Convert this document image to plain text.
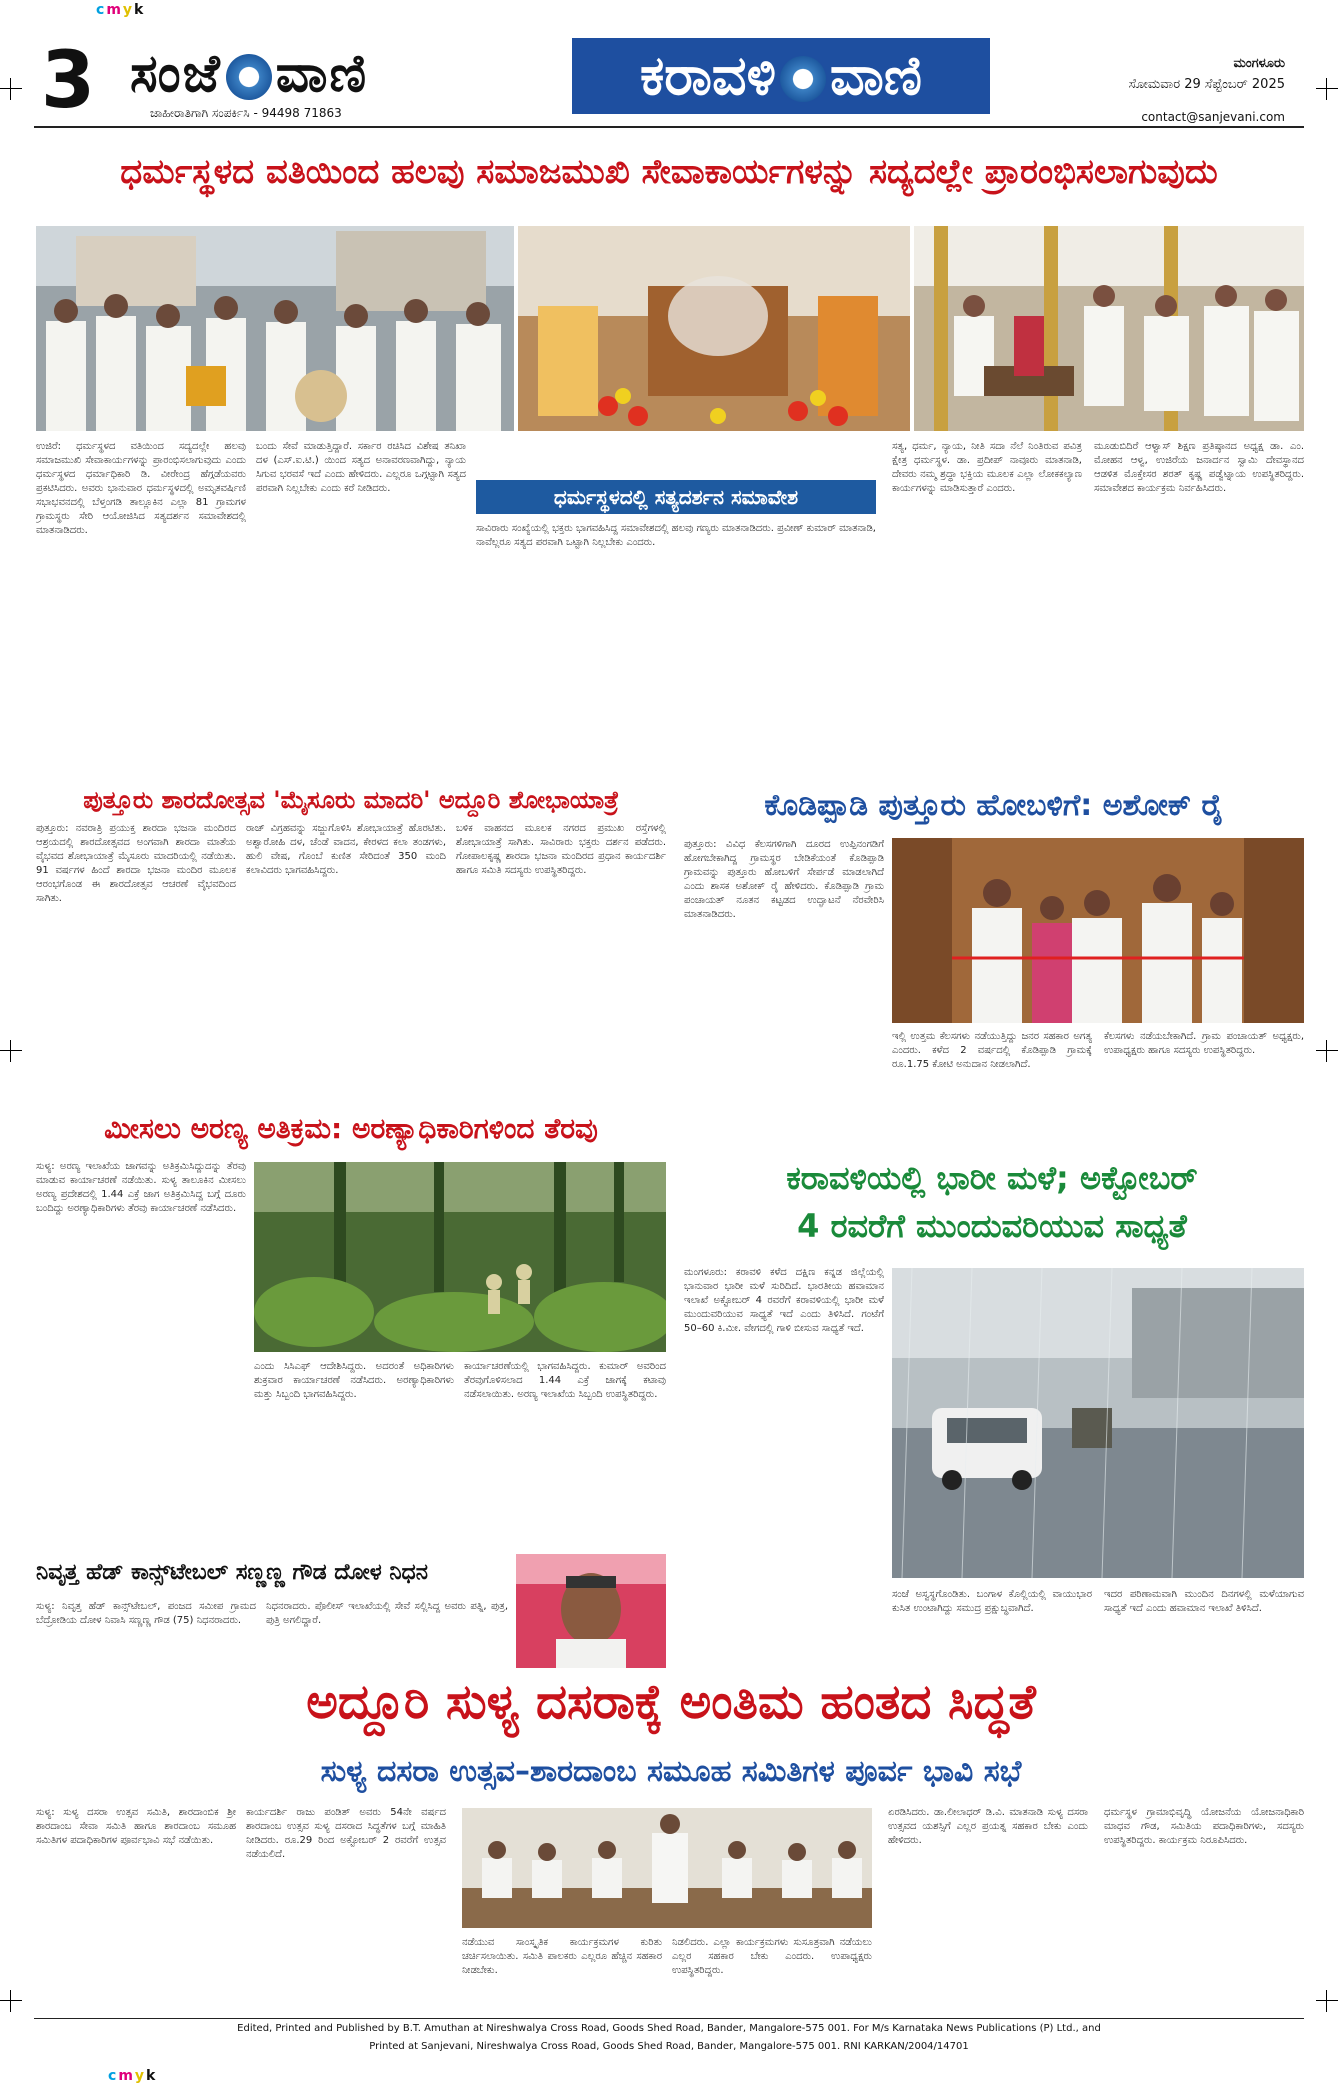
cmyk
cmyk
3 ಸಂಜೆ ವಾಣಿ
ಜಾಹೀರಾತಿಗಾಗಿ ಸಂಪರ್ಕಿಸಿ - 94498 71863
ಕರಾವಳಿ ವಾಣಿ	ಮಂಗಳೂರು
ಸೋಮವಾರ 29 ಸೆಪ್ಟೆಂಬರ್ 2025
contact@sanjevani.com
ಧರ್ಮಸ್ಥಳದ ವತಿಯಿಂದ ಹಲವು ಸಮಾಜಮುಖಿ ಸೇವಾಕಾರ್ಯಗಳನ್ನು ಸದ್ಯದಲ್ಲೇ ಪ್ರಾರಂಭಿಸಲಾಗುವುದು
ಉಜಿರೆ: ಧರ್ಮಸ್ಥಳದ ವತಿಯಿಂದ ಸದ್ಯದಲ್ಲೇ ಹಲವು ಸಮಾಜಮುಖಿ ಸೇವಾಕಾರ್ಯಗಳನ್ನು ಪ್ರಾರಂಭಿಸಲಾಗುವುದು ಎಂದು ಧರ್ಮಸ್ಥಳದ ಧರ್ಮಾಧಿಕಾರಿ ಡಿ. ವೀರೇಂದ್ರ ಹೆಗ್ಗಡೆಯವರು ಪ್ರಕಟಿಸಿದರು. ಅವರು ಭಾನುವಾರ ಧರ್ಮಸ್ಥಳದಲ್ಲಿ ಅಮೃತವರ್ಷಿಣಿ ಸಭಾಭವನದಲ್ಲಿ ಬೆಳ್ತಂಗಡಿ ತಾಲ್ಲೂಕಿನ ಎಲ್ಲಾ 81 ಗ್ರಾಮಗಳ ಗ್ರಾಮಸ್ಥರು ಸೇರಿ ಆಯೋಜಿಸಿದ ಸತ್ಯದರ್ಶನ ಸಮಾವೇಶದಲ್ಲಿ ಮಾತನಾಡಿದರು.
ಬಂದು ಸೇವೆ ಮಾಡುತ್ತಿದ್ದಾರೆ. ಸರ್ಕಾರ ರಚಿಸಿದ ವಿಶೇಷ ತನಿಖಾ ದಳ (ಎಸ್.ಐ.ಟಿ.) ಯಿಂದ ಸತ್ಯದ ಅನಾವರಣವಾಗಿದ್ದು, ನ್ಯಾಯ ಸಿಗುವ ಭರವಸೆ ಇದೆ ಎಂದು ಹೇಳಿದರು. ಎಲ್ಲರೂ ಒಗ್ಗಟ್ಟಾಗಿ ಸತ್ಯದ ಪರವಾಗಿ ನಿಲ್ಲಬೇಕು ಎಂದು ಕರೆ ನೀಡಿದರು.	ಧರ್ಮಸ್ಥಳದಲ್ಲಿ ಸತ್ಯದರ್ಶನ ಸಮಾವೇಶ
ಸಾವಿರಾರು ಸಂಖ್ಯೆಯಲ್ಲಿ ಭಕ್ತರು ಭಾಗವಹಿಸಿದ್ದ ಸಮಾವೇಶದಲ್ಲಿ ಹಲವು ಗಣ್ಯರು ಮಾತನಾಡಿದರು. ಪ್ರವೀಣ್ ಕುಮಾರ್ ಮಾತನಾಡಿ, ನಾವೆಲ್ಲರೂ ಸತ್ಯದ ಪರವಾಗಿ ಒಟ್ಟಾಗಿ ನಿಲ್ಲಬೇಕು ಎಂದರು.
ಸತ್ಯ, ಧರ್ಮ, ನ್ಯಾಯ, ನೀತಿ ಸದಾ ನೆಲೆ ನಿಂತಿರುವ ಪವಿತ್ರ ಕ್ಷೇತ್ರ ಧರ್ಮಸ್ಥಳ. ಡಾ. ಪ್ರದೀಪ್ ನಾವೂರು ಮಾತನಾಡಿ, ದೇವರು ನಮ್ಮ ಶ್ರದ್ಧಾ ಭಕ್ತಿಯ ಮೂಲಕ ಎಲ್ಲಾ ಲೋಕಕಲ್ಯಾಣ ಕಾರ್ಯಗಳನ್ನು ಮಾಡಿಸುತ್ತಾರೆ ಎಂದರು.
ಮೂಡುಬಿದಿರೆ ಆಳ್ವಾಸ್ ಶಿಕ್ಷಣ ಪ್ರತಿಷ್ಠಾನದ ಅಧ್ಯಕ್ಷ ಡಾ. ಎಂ. ಮೋಹನ ಆಳ್ವ, ಉಜಿರೆಯ ಜನಾರ್ದನ ಸ್ವಾಮಿ ದೇವಸ್ಥಾನದ ಆಡಳಿತ ಮೊಕ್ತೇಸರ ಶರತ್ ಕೃಷ್ಣ ಪಡ್ವೆಟ್ನಾಯ ಉಪಸ್ಥಿತರಿದ್ದರು. ಸಮಾವೇಶದ ಕಾರ್ಯಕ್ರಮ ನಿರ್ವಹಿಸಿದರು.
ಪುತ್ತೂರು ಶಾರದೋತ್ಸವ 'ಮೈಸೂರು ಮಾದರಿ' ಅದ್ದೂರಿ ಶೋಭಾಯಾತ್ರೆ
ಪುತ್ತೂರು: ನವರಾತ್ರಿ ಪ್ರಯುಕ್ತ ಶಾರದಾ ಭಜನಾ ಮಂದಿರದ ಆಶ್ರಯದಲ್ಲಿ ಶಾರದೋತ್ಸವದ ಅಂಗವಾಗಿ ಶಾರದಾ ಮಾತೆಯ ವೈಭವದ ಶೋಭಾಯಾತ್ರೆ ಮೈಸೂರು ಮಾದರಿಯಲ್ಲಿ ನಡೆಯಿತು. 91 ವರ್ಷಗಳ ಹಿಂದೆ ಶಾರದಾ ಭಜನಾ ಮಂದಿರ ಮೂಲಕ ಆರಂಭಗೊಂಡ ಈ ಶಾರದೋತ್ಸವ ಆಚರಣೆ ವೈಭವದಿಂದ ಸಾಗಿತು.
ರಾಜ್ ವಿಗ್ರಹವನ್ನು ಸಜ್ಜುಗೊಳಿಸಿ ಶೋಭಾಯಾತ್ರೆ ಹೊರಟಿತು. ಅಶ್ವಾರೋಹಿ ದಳ, ಚೆಂಡೆ ವಾದನ, ಕೇರಳದ ಕಲಾ ತಂಡಗಳು, ಹುಲಿ ವೇಷ, ಗೊಂಬೆ ಕುಣಿತ ಸೇರಿದಂತೆ 350 ಮಂದಿ ಕಲಾವಿದರು ಭಾಗವಹಿಸಿದ್ದರು.
ಬಳಿಕ ವಾಹನದ ಮೂಲಕ ನಗರದ ಪ್ರಮುಖ ರಸ್ತೆಗಳಲ್ಲಿ ಶೋಭಾಯಾತ್ರೆ ಸಾಗಿತು. ಸಾವಿರಾರು ಭಕ್ತರು ದರ್ಶನ ಪಡೆದರು. ಗೋಪಾಲಕೃಷ್ಣ ಶಾರದಾ ಭಜನಾ ಮಂದಿರದ ಪ್ರಧಾನ ಕಾರ್ಯದರ್ಶಿ ಹಾಗೂ ಸಮಿತಿ ಸದಸ್ಯರು ಉಪಸ್ಥಿತರಿದ್ದರು.
ಕೊಡಿಪ್ಪಾಡಿ ಪುತ್ತೂರು ಹೋಬಳಿಗೆ: ಅಶೋಕ್ ರೈ
ಪುತ್ತೂರು: ವಿವಿಧ ಕೆಲಸಗಳಿಗಾಗಿ ದೂರದ ಉಪ್ಪಿನಂಗಡಿಗೆ ಹೋಗಬೇಕಾಗಿದ್ದ ಗ್ರಾಮಸ್ಥರ ಬೇಡಿಕೆಯಂತೆ ಕೊಡಿಪ್ಪಾಡಿ ಗ್ರಾಮವನ್ನು ಪುತ್ತೂರು ಹೋಬಳಿಗೆ ಸೇರ್ಪಡೆ ಮಾಡಲಾಗಿದೆ ಎಂದು ಶಾಸಕ ಅಶೋಕ್ ರೈ ಹೇಳಿದರು. ಕೊಡಿಪ್ಪಾಡಿ ಗ್ರಾಮ ಪಂಚಾಯತ್ ನೂತನ ಕಟ್ಟಡದ ಉದ್ಘಾಟನೆ ನೆರವೇರಿಸಿ ಮಾತನಾಡಿದರು.
ಇಲ್ಲಿ ಉತ್ತಮ ಕೆಲಸಗಳು ನಡೆಯುತ್ತಿದ್ದು ಜನರ ಸಹಕಾರ ಅಗತ್ಯ ಎಂದರು. ಕಳೆದ 2 ವರ್ಷದಲ್ಲಿ ಕೊಡಿಪ್ಪಾಡಿ ಗ್ರಾಮಕ್ಕೆ ರೂ.1.75 ಕೋಟಿ ಅನುದಾನ ನೀಡಲಾಗಿದೆ.
ಕೆಲಸಗಳು ನಡೆಯಬೇಕಾಗಿದೆ. ಗ್ರಾಮ ಪಂಚಾಯತ್ ಅಧ್ಯಕ್ಷರು, ಉಪಾಧ್ಯಕ್ಷರು ಹಾಗೂ ಸದಸ್ಯರು ಉಪಸ್ಥಿತರಿದ್ದರು.
ಮೀಸಲು ಅರಣ್ಯ ಅತಿಕ್ರಮ: ಅರಣ್ಯಾಧಿಕಾರಿಗಳಿಂದ ತೆರವು
ಸುಳ್ಯ: ಅರಣ್ಯ ಇಲಾಖೆಯ ಜಾಗವನ್ನು ಅತಿಕ್ರಮಿಸಿದ್ದುದನ್ನು ತೆರವು ಮಾಡುವ ಕಾರ್ಯಾಚರಣೆ ನಡೆಯಿತು. ಸುಳ್ಯ ತಾಲೂಕಿನ ಮೀಸಲು ಅರಣ್ಯ ಪ್ರದೇಶದಲ್ಲಿ 1.44 ಎಕ್ರೆ ಜಾಗ ಅತಿಕ್ರಮಿಸಿದ್ದ ಬಗ್ಗೆ ದೂರು ಬಂದಿದ್ದು ಅರಣ್ಯಾಧಿಕಾರಿಗಳು ತೆರವು ಕಾರ್ಯಾಚರಣೆ ನಡೆಸಿದರು.
ಎಂದು ಸಿಸಿಎಫ್ ಆದೇಶಿಸಿದ್ದರು. ಅದರಂತೆ ಅಧಿಕಾರಿಗಳು ಶುಕ್ರವಾರ ಕಾರ್ಯಾಚರಣೆ ನಡೆಸಿದರು. ಅರಣ್ಯಾಧಿಕಾರಿಗಳು ಮತ್ತು ಸಿಬ್ಬಂದಿ ಭಾಗವಹಿಸಿದ್ದರು.
ಕಾರ್ಯಾಚರಣೆಯಲ್ಲಿ ಭಾಗವಹಿಸಿದ್ದರು. ಕುಮಾರ್ ಅವರಿಂದ ತೆರವುಗೊಳಿಸಲಾದ 1.44 ಎಕ್ರೆ ಜಾಗಕ್ಕೆ ಕಟಾವು ನಡೆಸಲಾಯಿತು. ಅರಣ್ಯ ಇಲಾಖೆಯ ಸಿಬ್ಬಂದಿ ಉಪಸ್ಥಿತರಿದ್ದರು.
ನಿವೃತ್ತ ಹೆಡ್ ಕಾನ್ಸ್‌ಟೇಬಲ್ ಸಣ್ಣಣ್ಣ ಗೌಡ ದೋಳ ನಿಧನ
ಸುಳ್ಯ: ನಿವೃತ್ತ ಹೆಡ್ ಕಾನ್ಸ್‌ಟೇಬಲ್, ಪಂಜದ ಸಮೀಪ ಗ್ರಾಮದ ಬೆದ್ರೋಡಿಯ ದೋಳ ನಿವಾಸಿ ಸಣ್ಣಣ್ಣ ಗೌಡ (75) ನಿಧನರಾದರು.
ನಿಧನರಾದರು. ಪೊಲೀಸ್ ಇಲಾಖೆಯಲ್ಲಿ ಸೇವೆ ಸಲ್ಲಿಸಿದ್ದ ಅವರು ಪತ್ನಿ, ಪುತ್ರ, ಪುತ್ರಿ ಅಗಲಿದ್ದಾರೆ.
ಕರಾವಳಿಯಲ್ಲಿ ಭಾರೀ ಮಳೆ; ಅಕ್ಟೋಬರ್
4 ರವರೆಗೆ ಮುಂದುವರಿಯುವ ಸಾಧ್ಯತೆ
ಮಂಗಳೂರು: ಕರಾವಳಿ ಕಳೆದ ದಕ್ಷಿಣ ಕನ್ನಡ ಜಿಲ್ಲೆಯಲ್ಲಿ ಭಾನುವಾರ ಭಾರೀ ಮಳೆ ಸುರಿದಿದೆ. ಭಾರತೀಯ ಹವಾಮಾನ ಇಲಾಖೆ ಅಕ್ಟೋಬರ್ 4 ರವರೆಗೆ ಕರಾವಳಿಯಲ್ಲಿ ಭಾರೀ ಮಳೆ ಮುಂದುವರಿಯುವ ಸಾಧ್ಯತೆ ಇದೆ ಎಂದು ತಿಳಿಸಿದೆ. ಗಂಟೆಗೆ 50–60 ಕಿ.ಮೀ. ವೇಗದಲ್ಲಿ ಗಾಳಿ ಬೀಸುವ ಸಾಧ್ಯತೆ ಇದೆ.
ಸಂಜೆ ಅಸ್ವಸ್ಥಗೊಂಡಿತು. ಬಂಗಾಳ ಕೊಲ್ಲಿಯಲ್ಲಿ ವಾಯುಭಾರ ಕುಸಿತ ಉಂಟಾಗಿದ್ದು ಸಮುದ್ರ ಪ್ರಕ್ಷುಬ್ಧವಾಗಿದೆ.
ಇದರ ಪರಿಣಾಮವಾಗಿ ಮುಂದಿನ ದಿನಗಳಲ್ಲಿ ಮಳೆಯಾಗುವ ಸಾಧ್ಯತೆ ಇದೆ ಎಂದು ಹವಾಮಾನ ಇಲಾಖೆ ತಿಳಿಸಿದೆ.
ಅದ್ದೂರಿ ಸುಳ್ಯ ದಸರಾಕ್ಕೆ ಅಂತಿಮ ಹಂತದ ಸಿದ್ಧತೆ
ಸುಳ್ಯ ದಸರಾ ಉತ್ಸವ–ಶಾರದಾಂಬ ಸಮೂಹ ಸಮಿತಿಗಳ ಪೂರ್ವ ಭಾವಿ ಸಭೆ
ಸುಳ್ಯ: ಸುಳ್ಯ ದಸರಾ ಉತ್ಸವ ಸಮಿತಿ, ಶಾರದಾಂಬಿಕ ಶ್ರೀ ಶಾರದಾಂಬ ಸೇವಾ ಸಮಿತಿ ಹಾಗೂ ಶಾರದಾಂಬ ಸಮೂಹ ಸಮಿತಿಗಳ ಪದಾಧಿಕಾರಿಗಳ ಪೂರ್ವಭಾವಿ ಸಭೆ ನಡೆಯಿತು.
ಕಾರ್ಯದರ್ಶಿ ರಾಜು ಪಂಡಿತ್ ಅವರು 54ನೇ ವರ್ಷದ ಶಾರದಾಂಬ ಉತ್ಸವ ಸುಳ್ಯ ದಸರಾದ ಸಿದ್ಧತೆಗಳ ಬಗ್ಗೆ ಮಾಹಿತಿ ನೀಡಿದರು. ರೂ.29 ರಿಂದ ಅಕ್ಟೋಬರ್ 2 ರವರೆಗೆ ಉತ್ಸವ ನಡೆಯಲಿದೆ.
ನಡೆಯುವ ಸಾಂಸ್ಕೃತಿಕ ಕಾರ್ಯಕ್ರಮಗಳ ಕುರಿತು ಚರ್ಚಿಸಲಾಯಿತು. ಸಮಿತಿ ಪಾಲಕರು ಎಲ್ಲರೂ ಹೆಚ್ಚಿನ ಸಹಕಾರ ನೀಡಬೇಕು.
ನಿಡಲಿದರು. ಎಲ್ಲಾ ಕಾರ್ಯಕ್ರಮಗಳು ಸುಸೂತ್ರವಾಗಿ ನಡೆಯಲು ಎಲ್ಲರ ಸಹಕಾರ ಬೇಕು ಎಂದರು. ಉಪಾಧ್ಯಕ್ಷರು ಉಪಸ್ಥಿತರಿದ್ದರು.
ಏರಡಿಸಿದರು. ಡಾ.ಲೀಲಾಧರ್ ಡಿ.ವಿ. ಮಾತನಾಡಿ ಸುಳ್ಯ ದಸರಾ ಉತ್ಸವದ ಯಶಸ್ಸಿಗೆ ಎಲ್ಲರ ಪ್ರಯತ್ನ ಸಹಕಾರ ಬೇಕು ಎಂದು ಹೇಳಿದರು.
ಧರ್ಮಸ್ಥಳ ಗ್ರಾಮಾಭಿವೃದ್ಧಿ ಯೋಜನೆಯ ಯೋಜನಾಧಿಕಾರಿ ಮಾಧವ ಗೌಡ, ಸಮಿತಿಯ ಪದಾಧಿಕಾರಿಗಳು, ಸದಸ್ಯರು ಉಪಸ್ಥಿತರಿದ್ದರು. ಕಾರ್ಯಕ್ರಮ ನಿರೂಪಿಸಿದರು.
Edited, Printed and Published by B.T. Amuthan at Nireshwalya Cross Road, Goods Shed Road, Bander, Mangalore-575 001. For M/s Karnataka News Publications (P) Ltd., and
Printed at Sanjevani, Nireshwalya Cross Road, Goods Shed Road, Bander, Mangalore-575 001. RNI KARKAN/2004/14701
